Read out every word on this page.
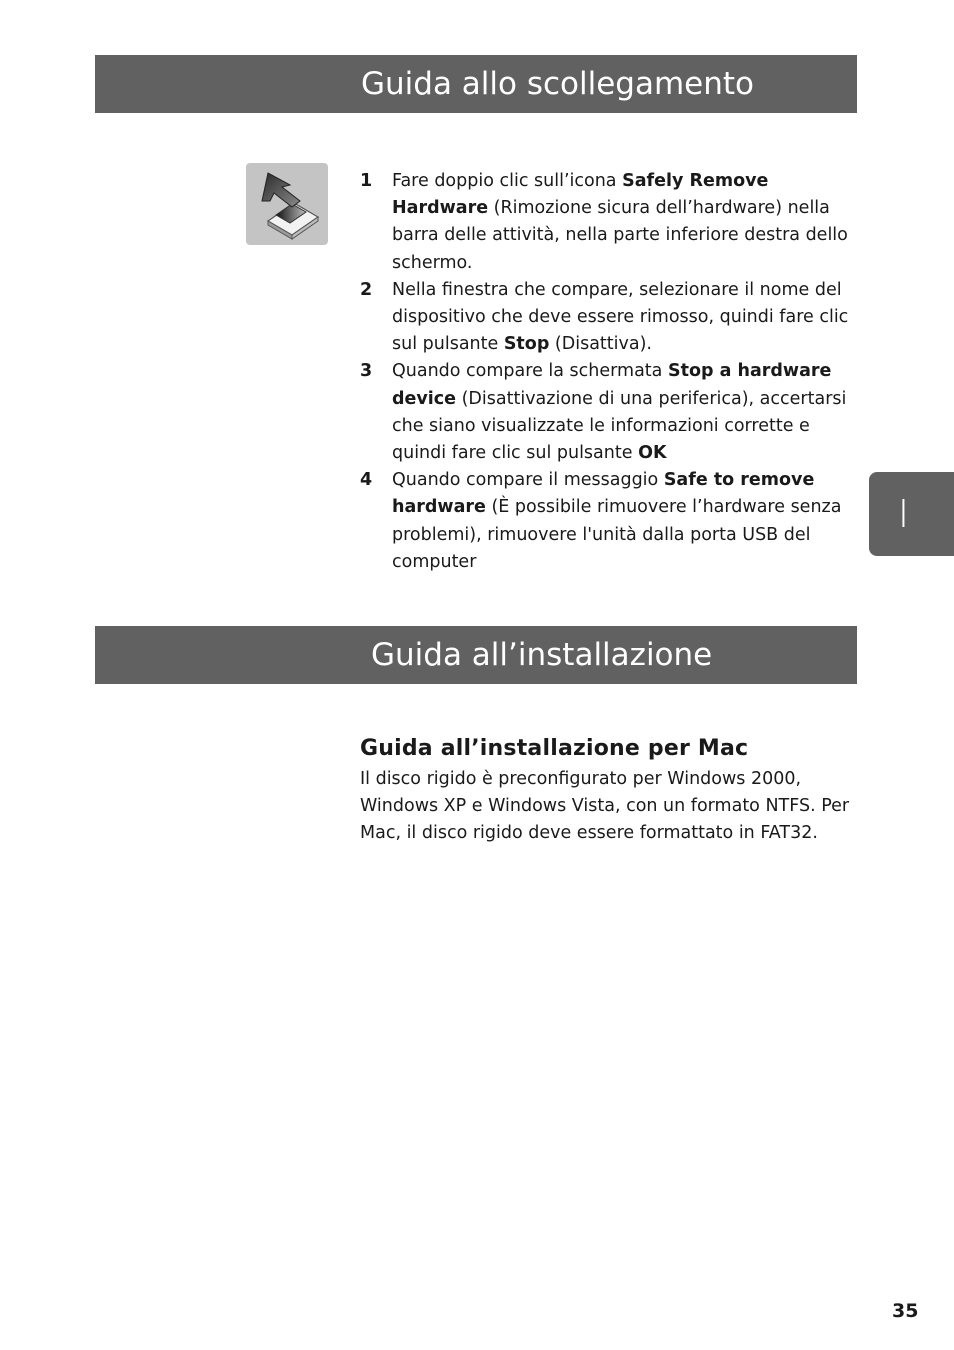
Guida allo scollegamento
1 Fare doppio clic sull’icona Safely Remove Hardware (Rimozione sicura dell’hardware) nella barra delle attività, nella parte inferiore destra dello schermo.
2 Nella finestra che compare, selezionare il nome del dispositivo che deve essere rimosso, quindi fare clic sul pulsante Stop (Disattiva).
3 Quando compare la schermata Stop a hardware device (Disattivazione di una periferica), accertarsi che siano visualizzate le informazioni corrette e quindi fare clic sul pulsante OK
4 Quando compare il messaggio Safe to remove hardware (È possibile rimuovere l’hardware senza problemi), rimuovere l'unità dalla porta USB del computer
I
Guida all’installazione
Guida all’installazione per Mac
Il disco rigido è preconfigurato per Windows 2000, Windows XP e Windows Vista, con un formato NTFS. Per Mac, il disco rigido deve essere formattato in FAT32.
35
